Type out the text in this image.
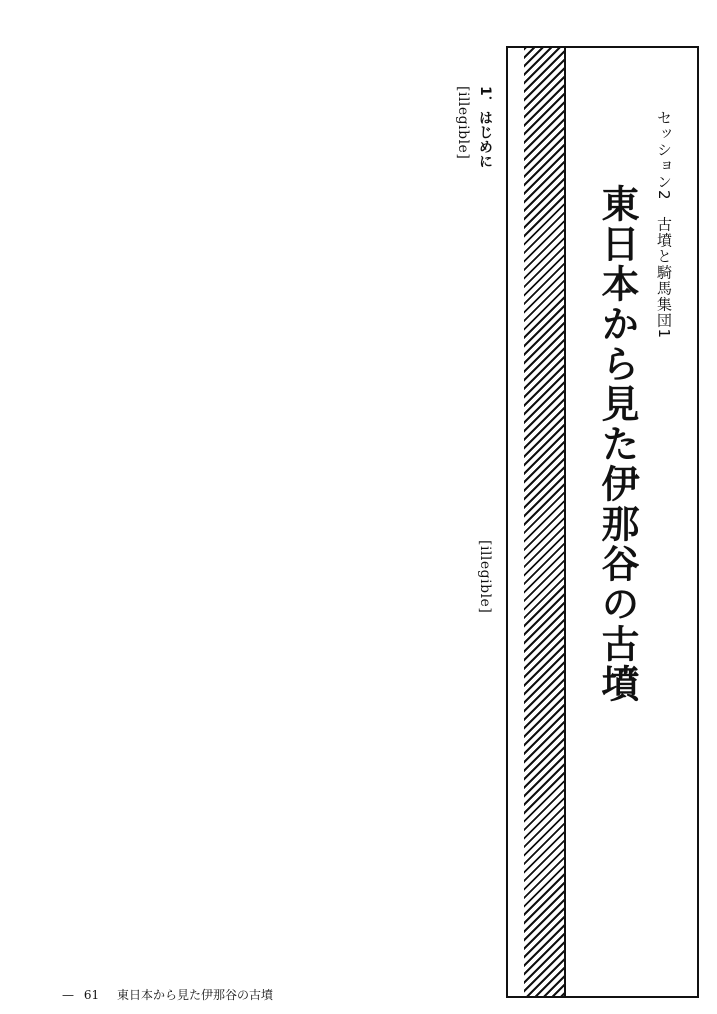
セッション2　古墳と騎馬集団1
東日本から見た伊那谷の古墳

1．はじめに

[illegible]

[illegible]

— 61 東日本から見た伊那谷の古墳
